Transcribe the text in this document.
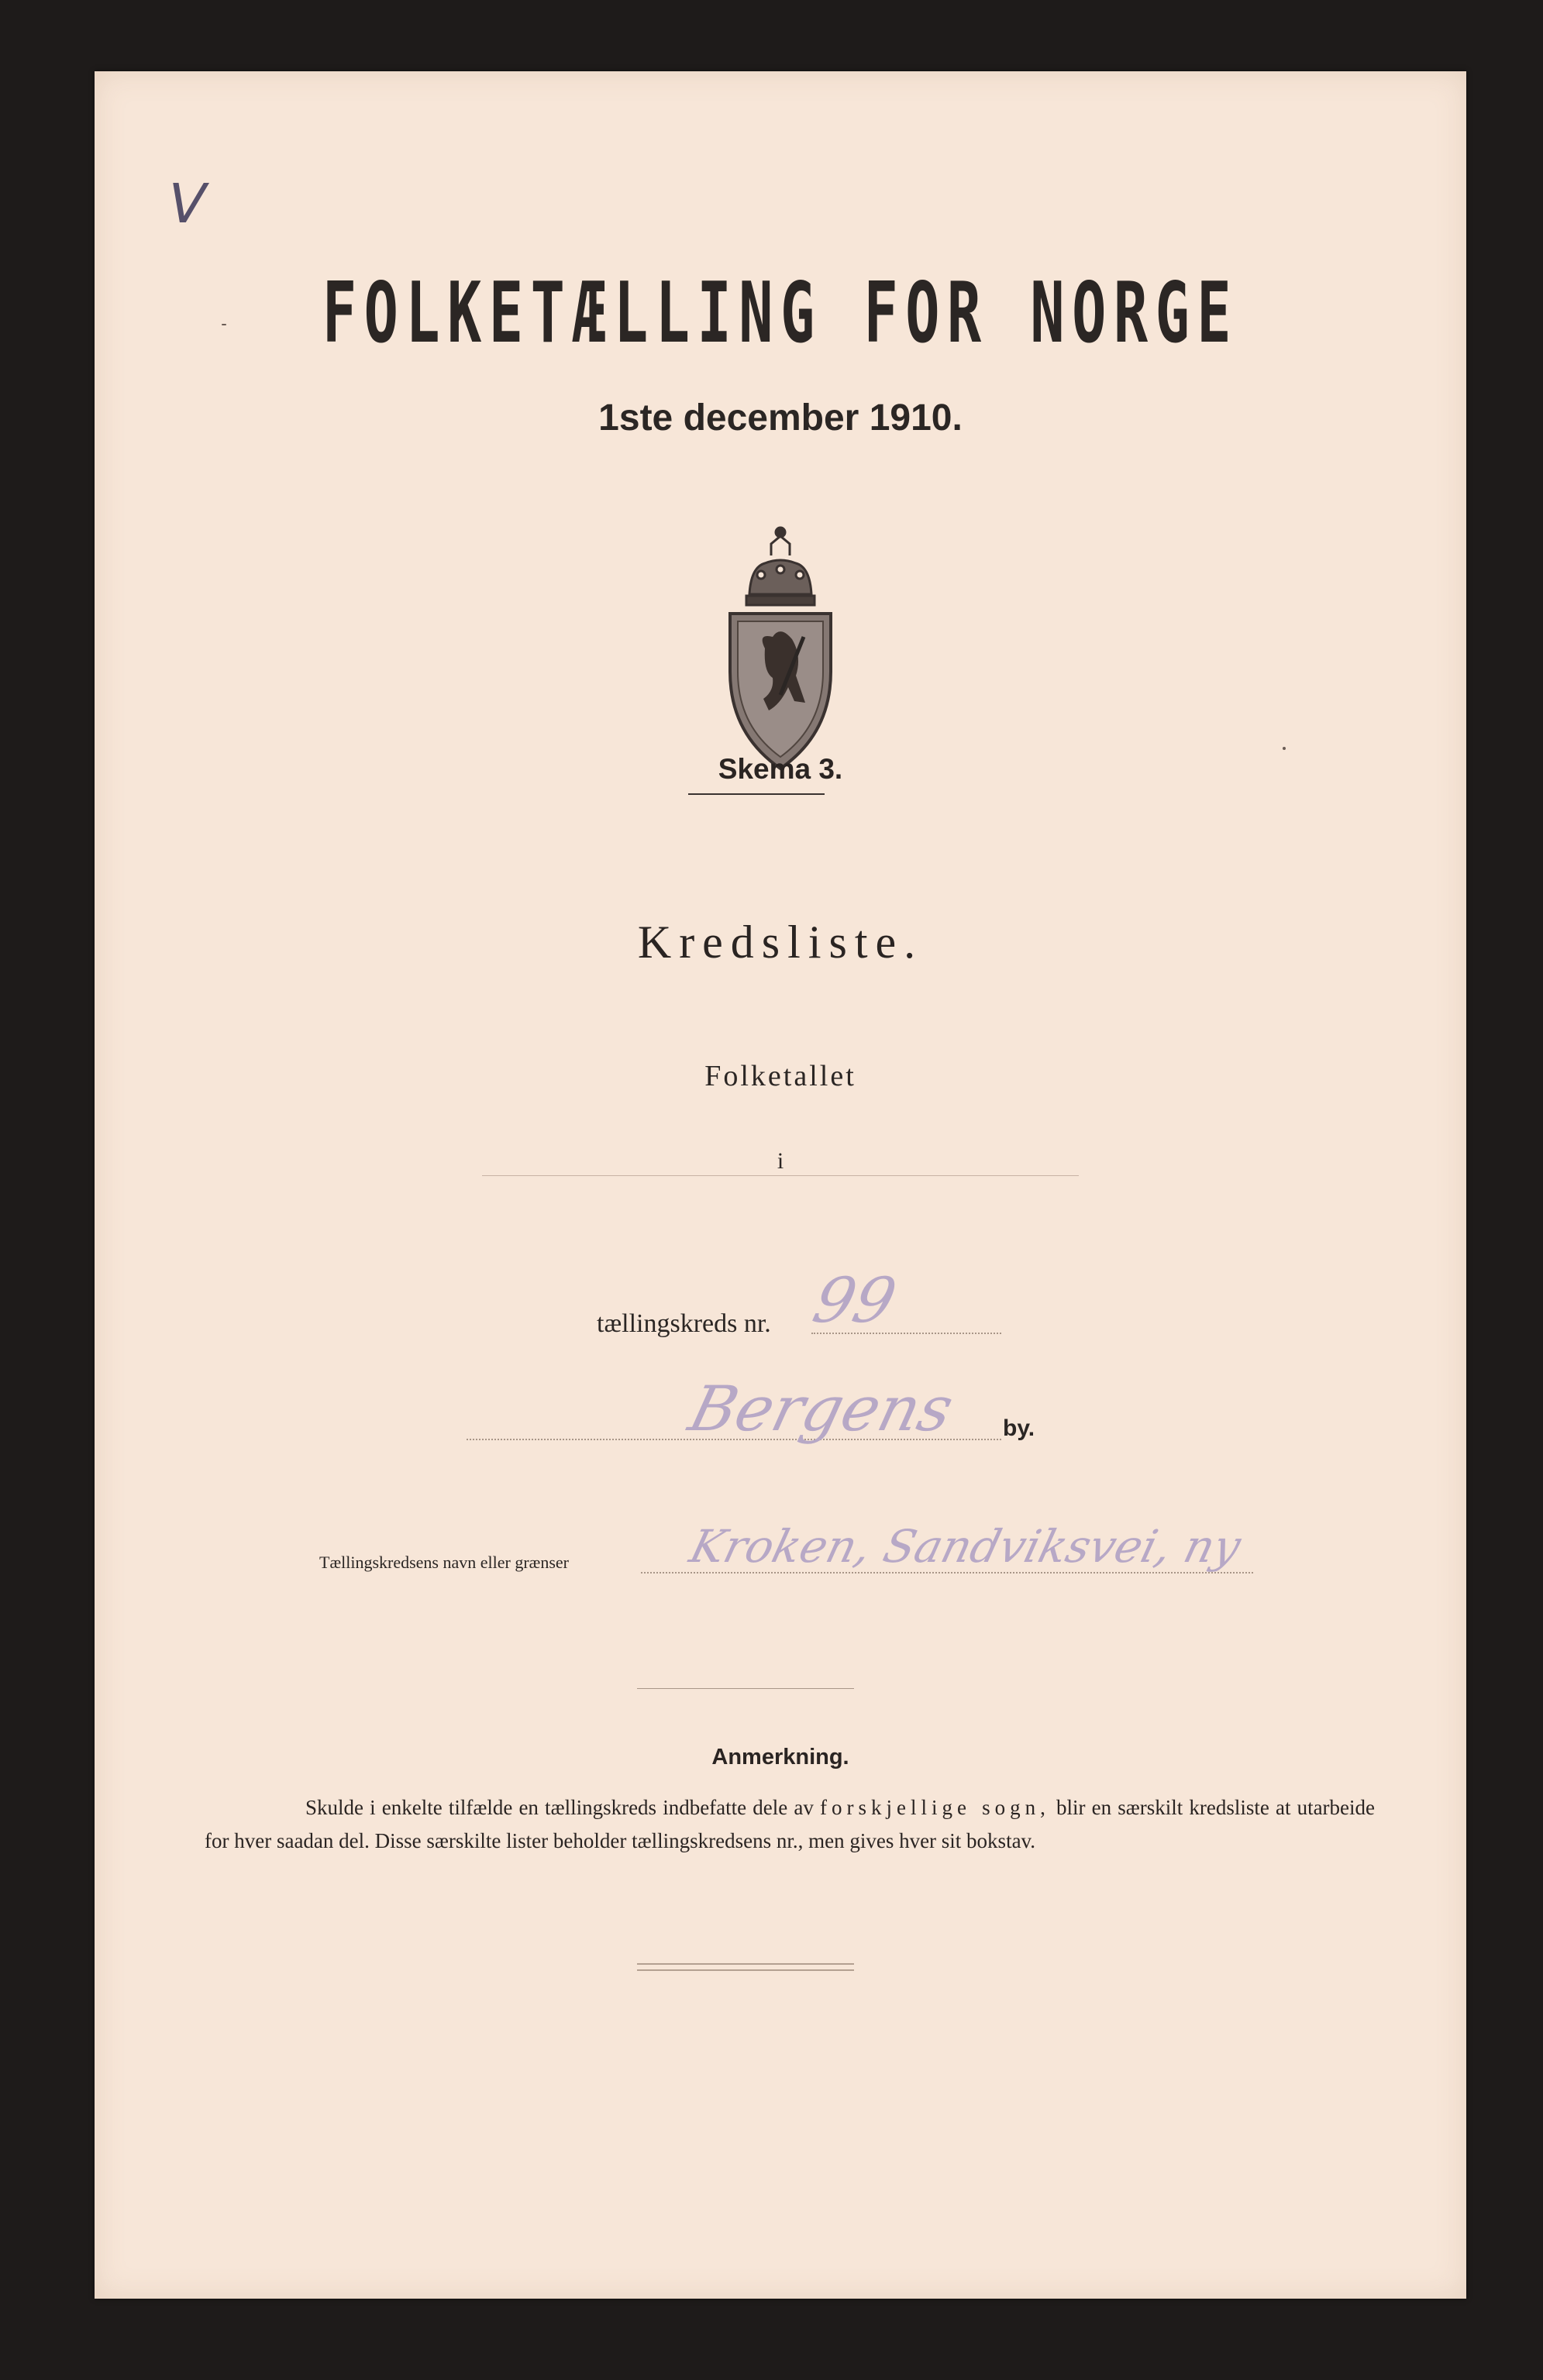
V
FOLKETÆLLING FOR NORGE
1ste december 1910.
Skema 3.
Kredsliste.
Folketallet
i
tællingskreds nr. 99
Bergens by.
Tællingskredsens navn eller grænser	Kroken, Sandviksvei, ny
Anmerkning.
Skulde i enkelte tilfælde en tællingskreds indbefatte dele av forskjellige sogn, blir en særskilt kredsliste at utarbeide for hver saadan del. Disse særskilte lister beholder tællingskredsens nr., men gives hver sit bokstav.
